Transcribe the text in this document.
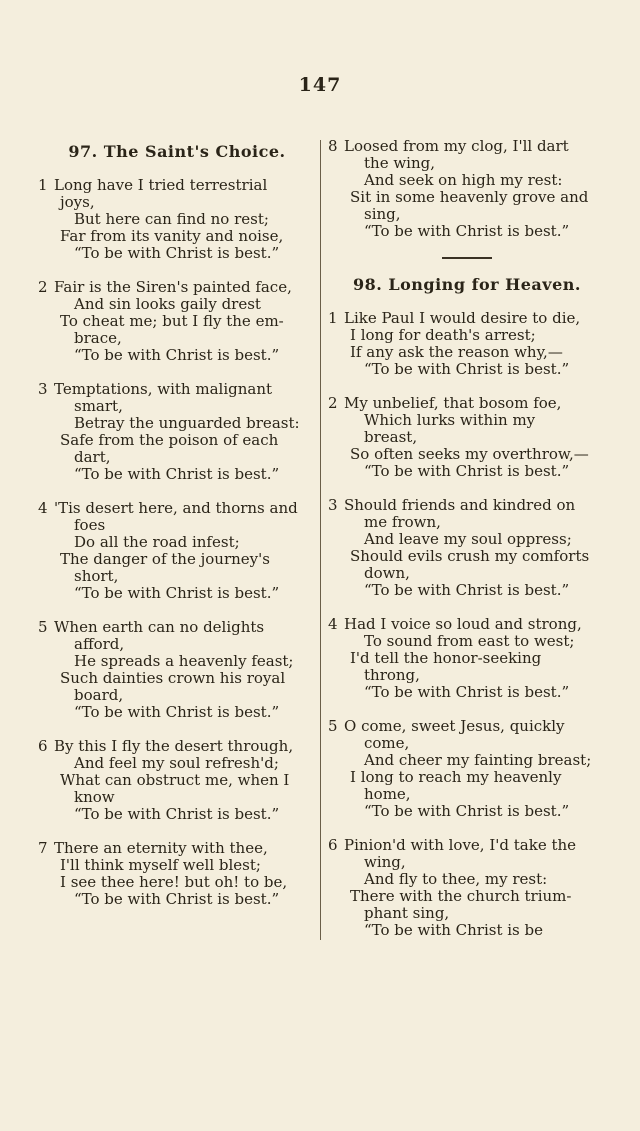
147
97. The Saint's Choice.
1 Long have I tried terrestrial
joys,
But here can find no rest;
Far from its vanity and noise,
“To be with Christ is best.”
2 Fair is the Siren's painted face,
And sin looks gaily drest
To cheat me; but I fly the em-
brace,
“To be with Christ is best.”
3 Temptations, with malignant
smart,
Betray the unguarded breast:
Safe from the poison of each
dart,
“To be with Christ is best.”
4 'Tis desert here, and thorns and
foes
Do all the road infest;
The danger of the journey's
short,
“To be with Christ is best.”
5 When earth can no delights
afford,
He spreads a heavenly feast;
Such dainties crown his royal
board,
“To be with Christ is best.”
6 By this I fly the desert through,
And feel my soul refresh'd;
What can obstruct me, when I
know
“To be with Christ is best.”
7 There an eternity with thee,
I'll think myself well blest;
I see thee here! but oh! to be,
“To be with Christ is best.”
8 Loosed from my clog, I'll dart
the wing,
And seek on high my rest:
Sit in some heavenly grove and
sing,
“To be with Christ is best.”
98. Longing for Heaven.
1 Like Paul I would desire to die,
I long for death's arrest;
If any ask the reason why,—
“To be with Christ is best.”
2 My unbelief, that bosom foe,
Which lurks within my
breast,
So often seeks my overthrow,—
“To be with Christ is best.”
3 Should friends and kindred on
me frown,
And leave my soul oppress;
Should evils crush my comforts
down,
“To be with Christ is best.”
4 Had I voice so loud and strong,
To sound from east to west;
I'd tell the honor-seeking
throng,
“To be with Christ is best.”
5 O come, sweet Jesus, quickly
come,
And cheer my fainting breast;
I long to reach my heavenly
home,
“To be with Christ is best.”
6 Pinion'd with love, I'd take the
wing,
And fly to thee, my rest:
There with the church trium-
phant sing,
“To be with Christ is be
